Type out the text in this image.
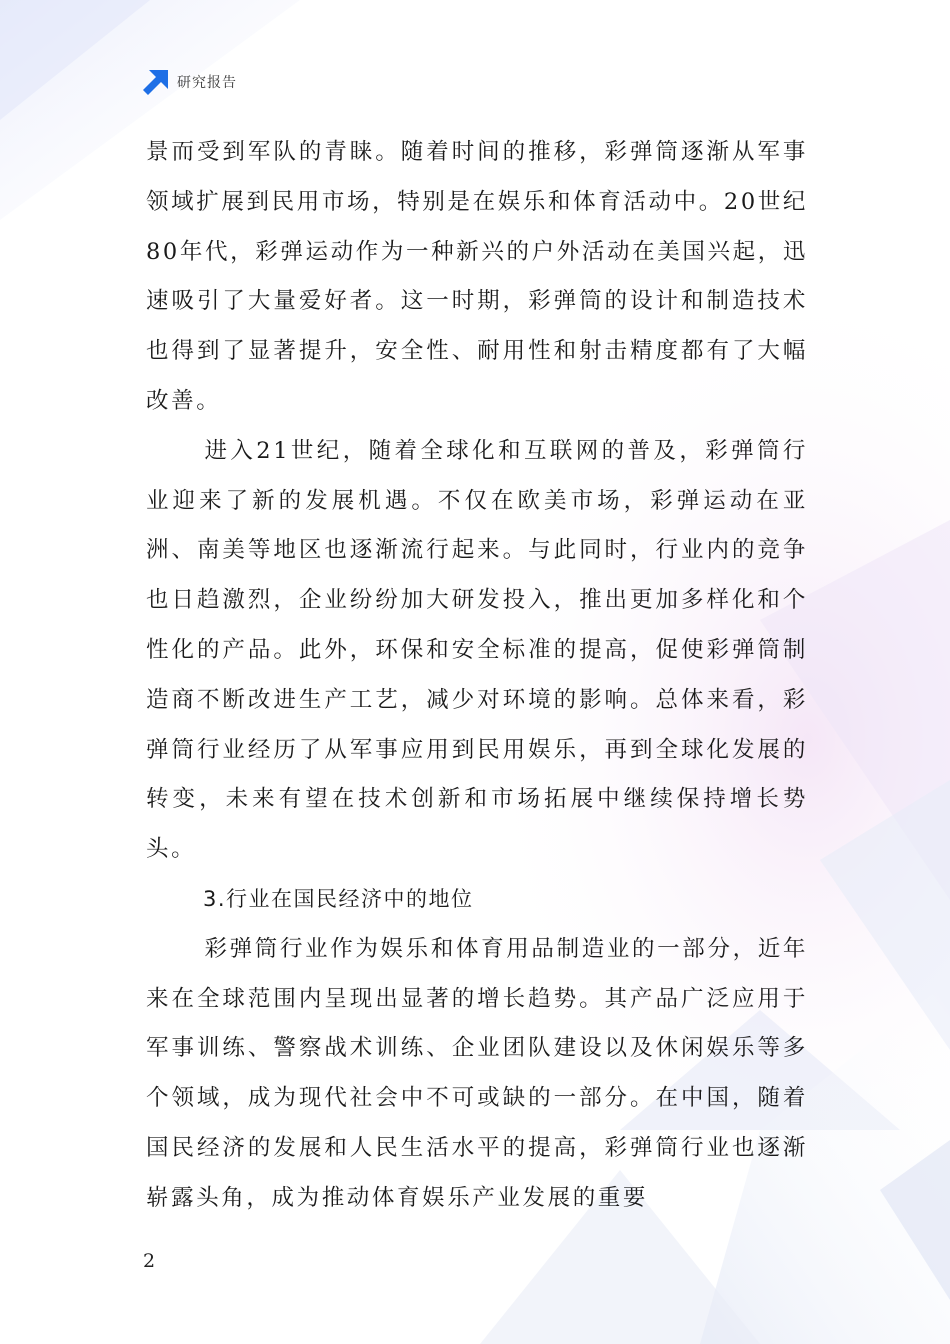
研究报告

景而受到军队的青睐。随着时间的推移，彩弹筒逐渐从军事领域扩展到民用市场，特别是在娱乐和体育活动中。20世纪80年代，彩弹运动作为一种新兴的户外活动在美国兴起，迅速吸引了大量爱好者。这一时期，彩弹筒的设计和制造技术也得到了显著提升，安全性、耐用性和射击精度都有了大幅改善。

进入21世纪，随着全球化和互联网的普及，彩弹筒行业迎来了新的发展机遇。不仅在欧美市场，彩弹运动在亚洲、南美等地区也逐渐流行起来。与此同时，行业内的竞争也日趋激烈，企业纷纷加大研发投入，推出更加多样化和个性化的产品。此外，环保和安全标准的提高，促使彩弹筒制造商不断改进生产工艺，减少对环境的影响。总体来看，彩弹筒行业经历了从军事应用到民用娱乐，再到全球化发展的转变，未来有望在技术创新和市场拓展中继续保持增长势头。

3.行业在国民经济中的地位

彩弹筒行业作为娱乐和体育用品制造业的一部分，近年来在全球范围内呈现出显著的增长趋势。其产品广泛应用于军事训练、警察战术训练、企业团队建设以及休闲娱乐等多个领域，成为现代社会中不可或缺的一部分。在中国，随着国民经济的发展和人民生活水平的提高，彩弹筒行业也逐渐崭露头角，成为推动体育娱乐产业发展的重要

2
